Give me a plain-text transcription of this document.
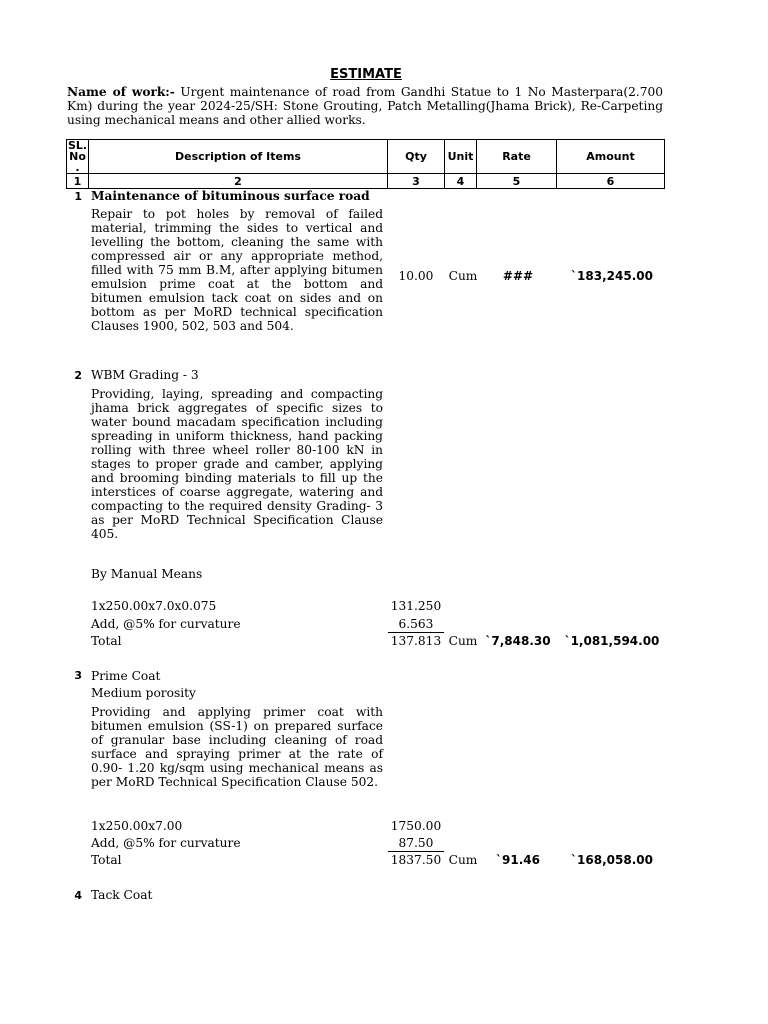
ESTIMATE
Name of work:- Urgent maintenance of road from Gandhi Statue to 1 No Masterpara(2.700 Km) during the year 2024-25/SH: Stone Grouting, Patch Metalling(Jhama Brick), Re-Carpeting using mechanical means and other allied works.
SL. No .	Description of Items	Qty	Unit	Rate	Amount
1	2	3	4	5	6
1 Maintenance of bituminous surface road
Repair to pot holes by removal of failed material, trimming the sides to vertical and levelling the bottom, cleaning the same with compressed air or any appropriate method, filled with 75 mm B.M, after applying bitumen emulsion prime coat at the bottom and bitumen emulsion tack coat on sides and on bottom as per MoRD technical specification Clauses 1900, 502, 503 and 504.
10.00	Cum	###	`183,245.00
2 WBM Grading - 3
Providing, laying, spreading and compacting jhama brick aggregates of specific sizes to water bound macadam specification including spreading in uniform thickness, hand packing rolling with three wheel roller 80-100 kN in stages to proper grade and camber, applying and brooming binding materials to fill up the interstices of coarse aggregate, watering and compacting to the required density Grading- 3 as per MoRD Technical Specification Clause 405.
By Manual Means
1x250.00x7.0x0.075	131.250
Add, @5% for curvature	6.563
Total	137.813 Cum `7,848.30	`1,081,594.00
3 Prime Coat
Medium porosity
Providing and applying primer coat with bitumen emulsion (SS-1) on prepared surface of granular base including cleaning of road surface and spraying primer at the rate of 0.90- 1.20 kg/sqm using mechanical means as per MoRD Technical Specification Clause 502.
1x250.00x7.00	1750.00
Add, @5% for curvature	87.50
Total	1837.50 Cum	`91.46	`168,058.00
4 Tack Coat
